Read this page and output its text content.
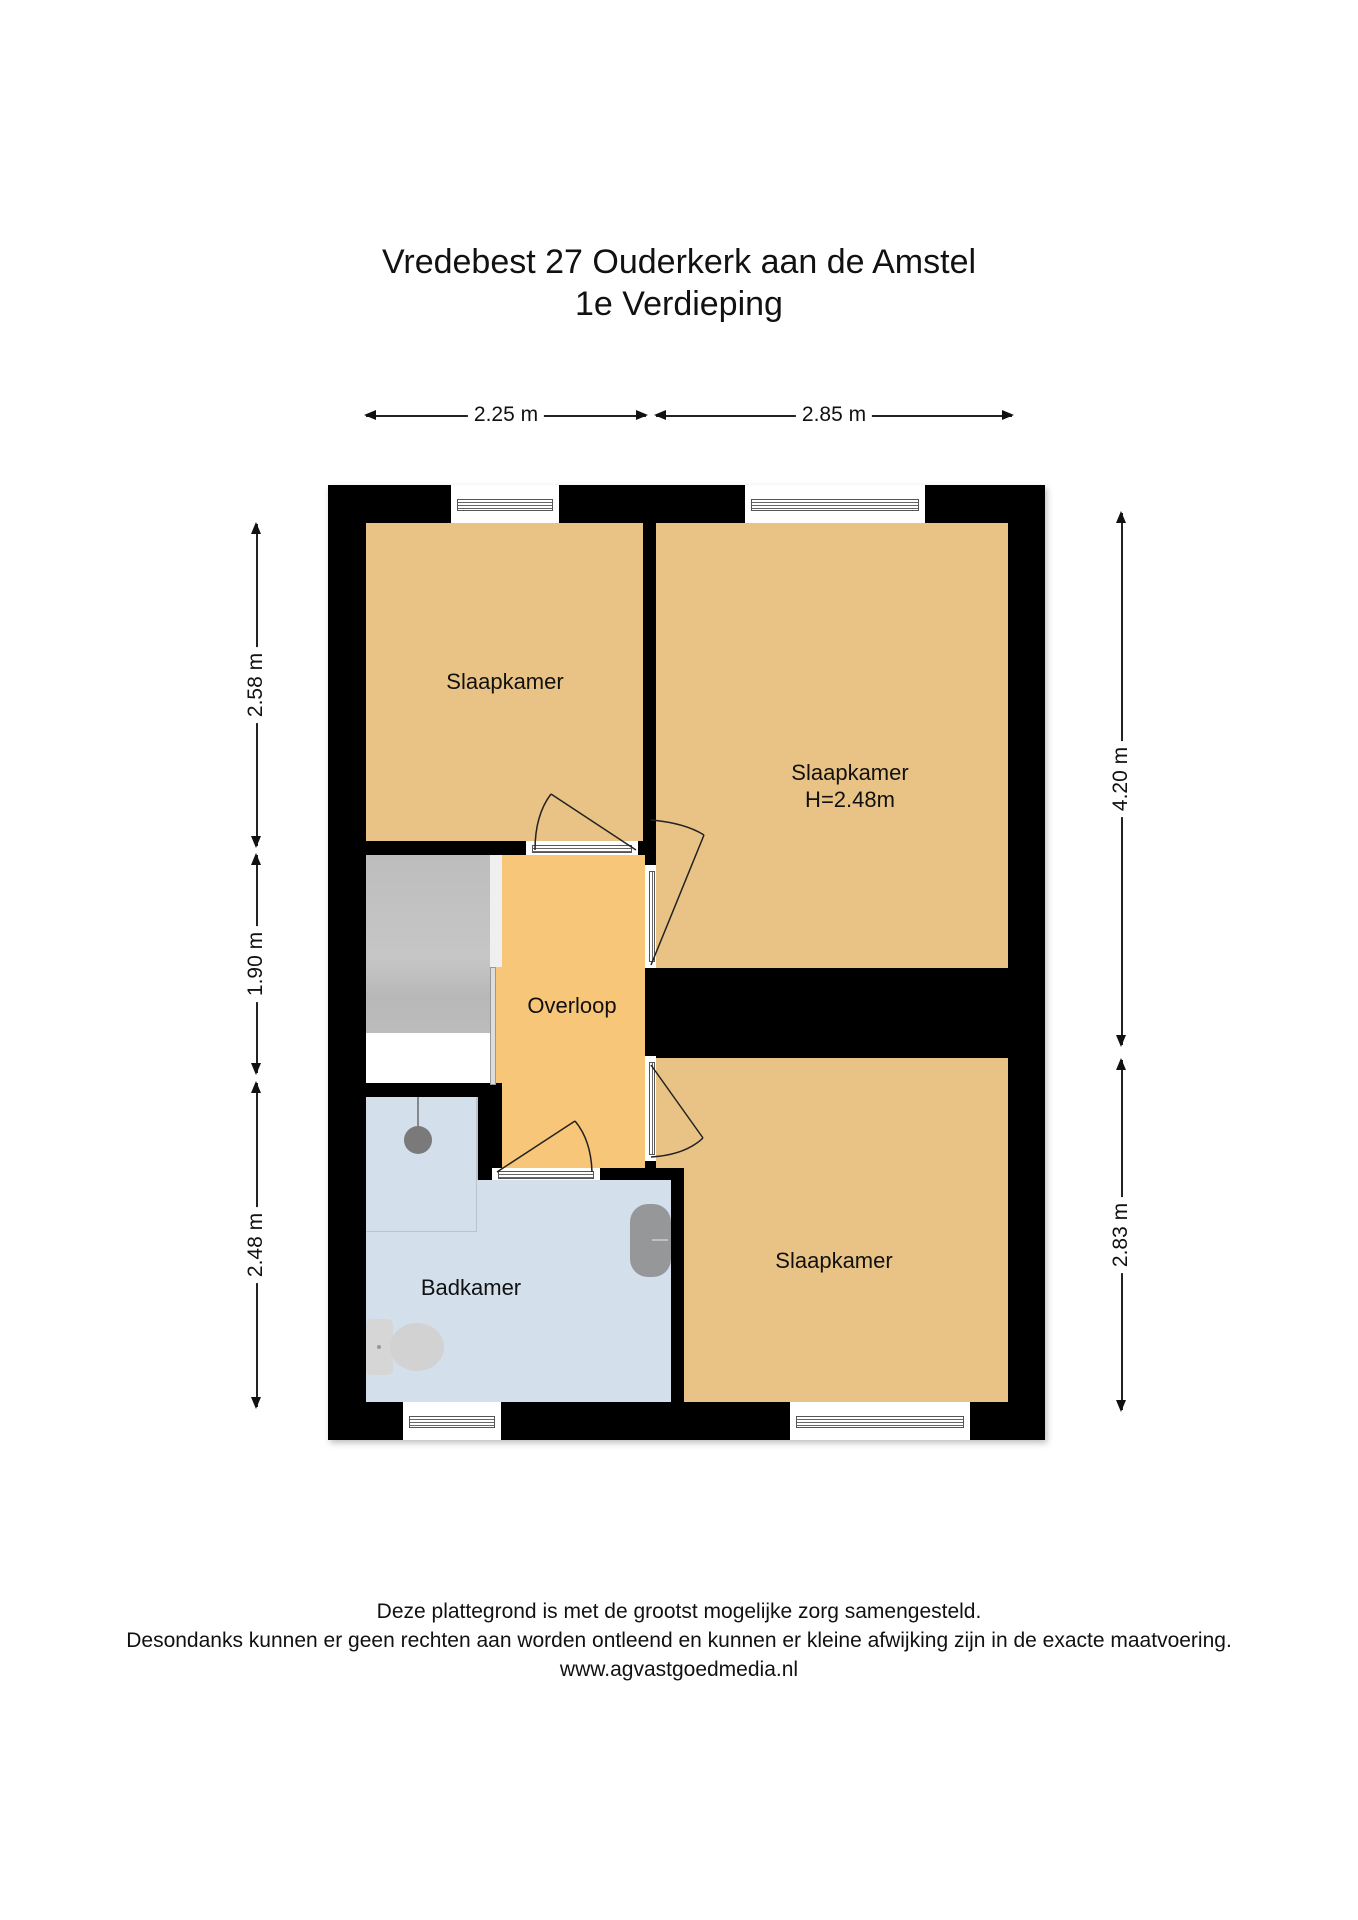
Vredebest 27 Ouderkerk aan de Amstel
1e Verdieping
2.25 m	2.85 m
2.58 m
1.90 m
2.48 m
4.20 m
2.83 m
Slaapkamer
Slaapkamer
H=2.48m
Overloop
Badkamer
Slaapkamer
Deze plattegrond is met de grootst mogelijke zorg samengesteld.
Desondanks kunnen er geen rechten aan worden ontleend en kunnen er kleine afwijking zijn in de exacte maatvoering.
www.agvastgoedmedia.nl
